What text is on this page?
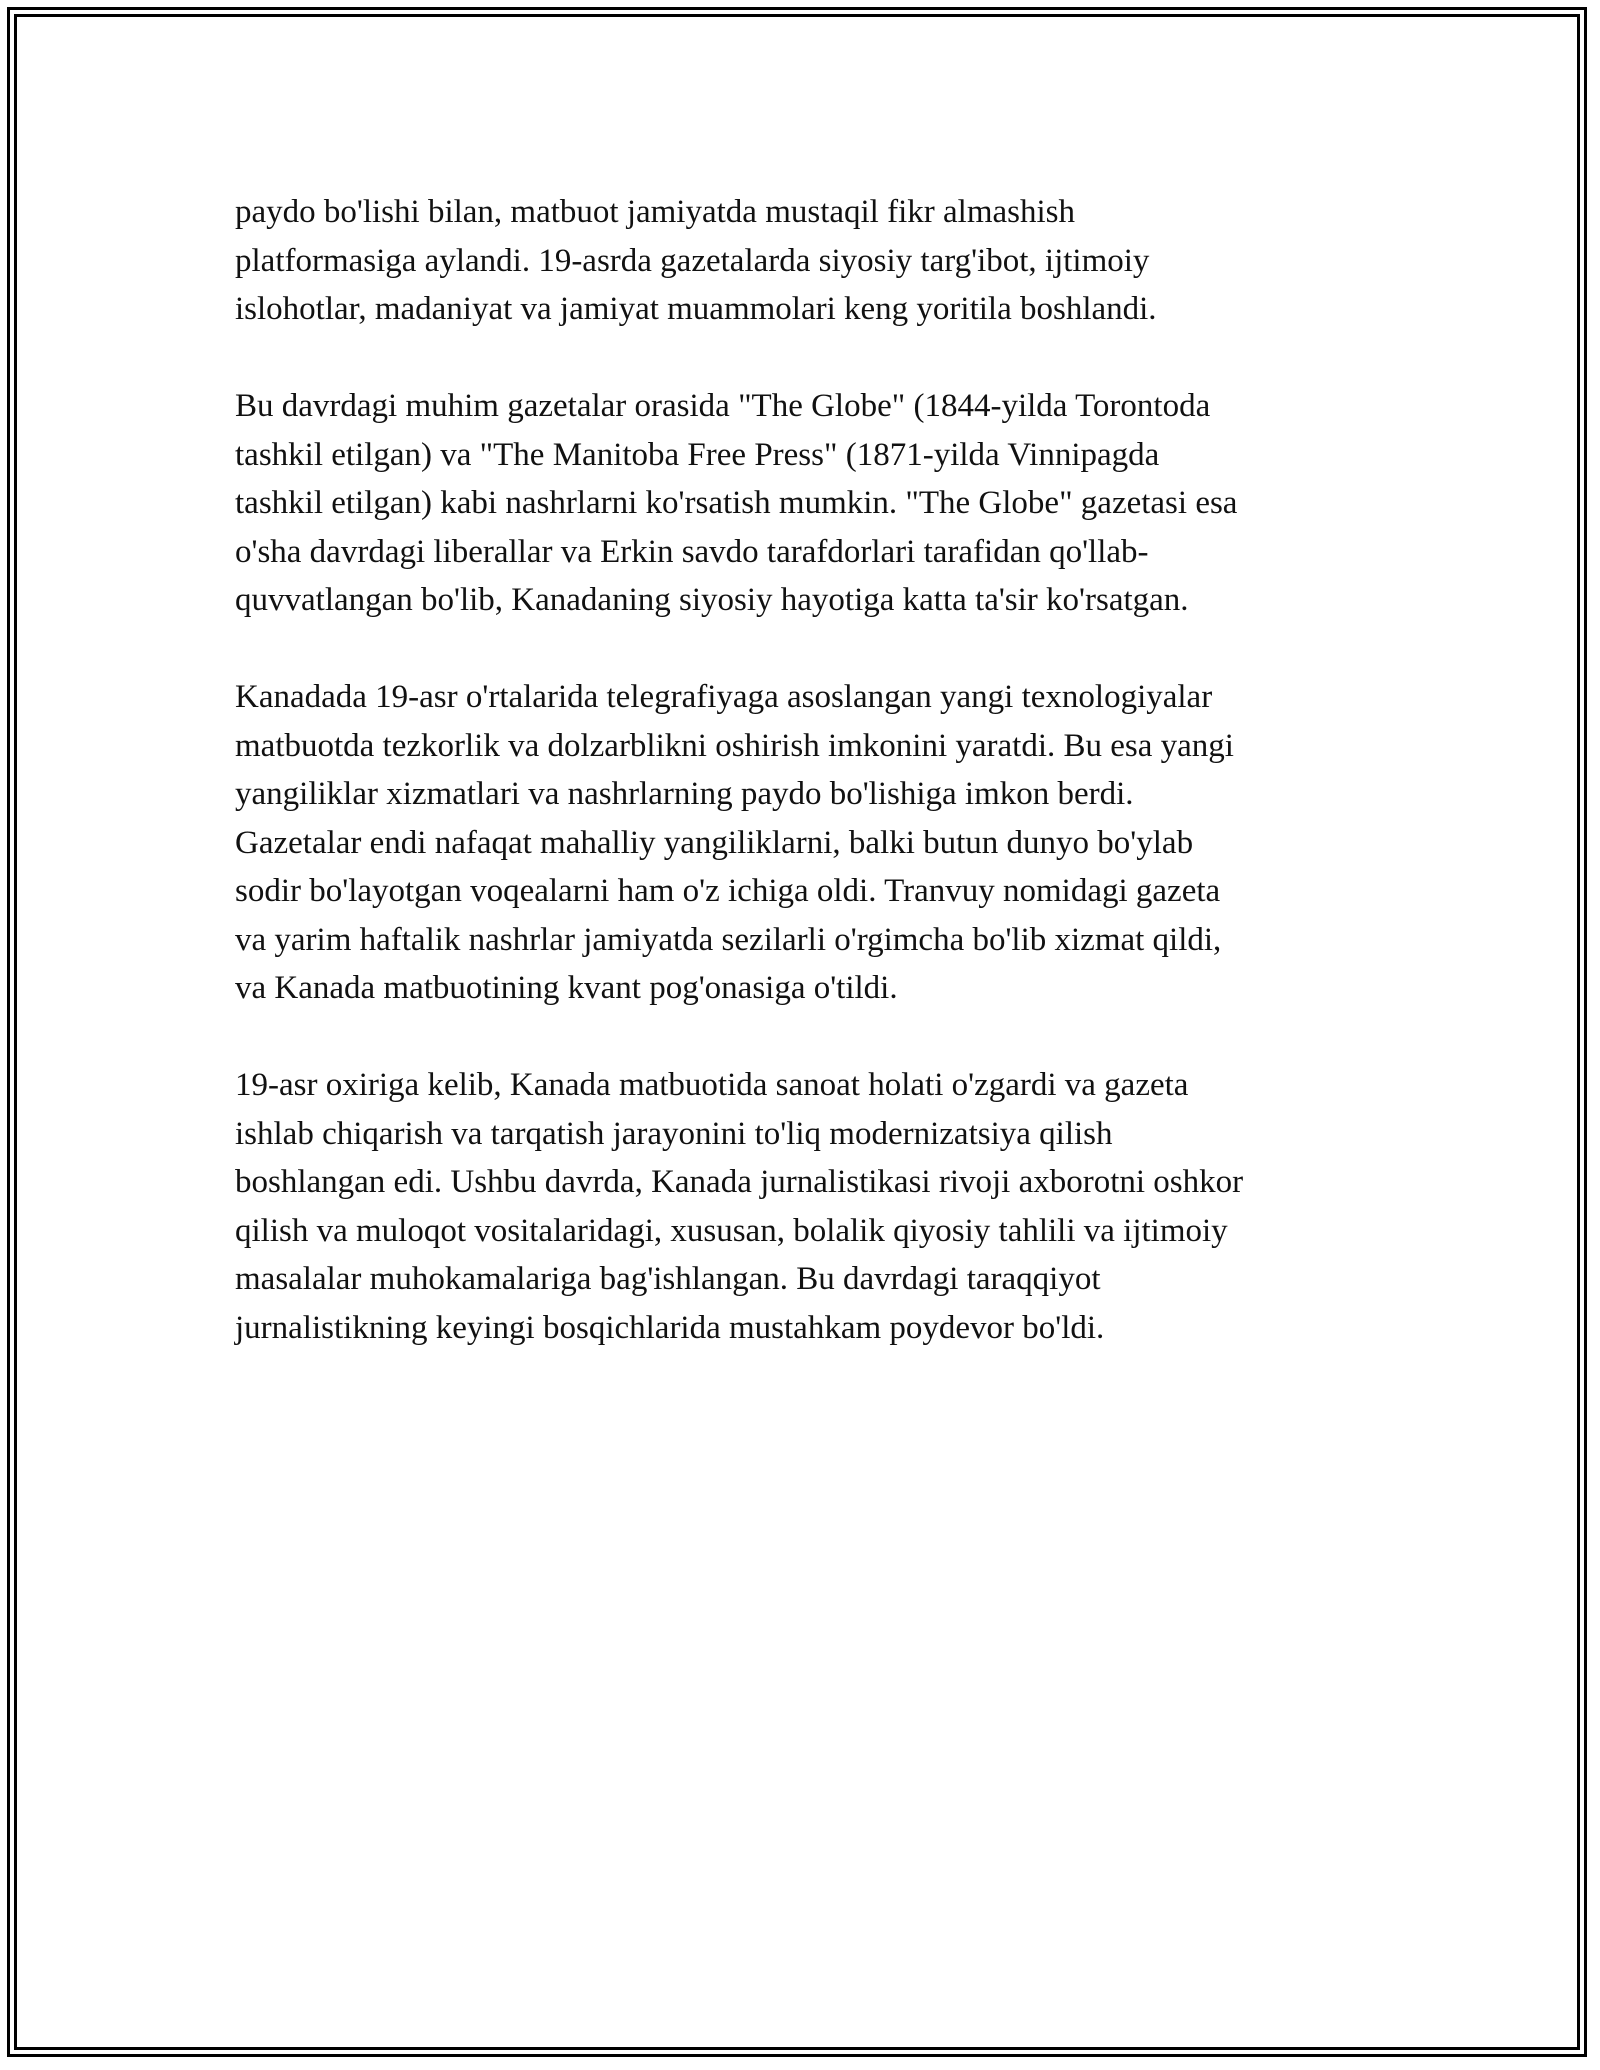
paydo bo'lishi bilan, matbuot jamiyatda mustaqil fikr almashish
platformasiga aylandi. 19-asrda gazetalarda siyosiy targ'ibot, ijtimoiy
islohotlar, madaniyat va jamiyat muammolari keng yoritila boshlandi.

Bu davrdagi muhim gazetalar orasida "The Globe" (1844-yilda Torontoda
tashkil etilgan) va "The Manitoba Free Press" (1871-yilda Vinnipagda
tashkil etilgan) kabi nashrlarni ko'rsatish mumkin. "The Globe" gazetasi esa
o'sha davrdagi liberallar va Erkin savdo tarafdorlari tarafidan qo'llab-
quvvatlangan bo'lib, Kanadaning siyosiy hayotiga katta ta'sir ko'rsatgan.

Kanadada 19-asr o'rtalarida telegrafiyaga asoslangan yangi texnologiyalar
matbuotda tezkorlik va dolzarblikni oshirish imkonini yaratdi. Bu esa yangi
yangiliklar xizmatlari va nashrlarning paydo bo'lishiga imkon berdi.
Gazetalar endi nafaqat mahalliy yangiliklarni, balki butun dunyo bo'ylab
sodir bo'layotgan voqealarni ham o'z ichiga oldi. Tranvuy nomidagi gazeta
va yarim haftalik nashrlar jamiyatda sezilarli o'rgimcha bo'lib xizmat qildi,
va Kanada matbuotining kvant pog'onasiga o'tildi.

19-asr oxiriga kelib, Kanada matbuotida sanoat holati o'zgardi va gazeta
ishlab chiqarish va tarqatish jarayonini to'liq modernizatsiya qilish
boshlangan edi. Ushbu davrda, Kanada jurnalistikasi rivoji axborotni oshkor
qilish va muloqot vositalaridagi, xususan, bolalik qiyosiy tahlili va ijtimoiy
masalalar muhokamalariga bag'ishlangan. Bu davrdagi taraqqiyot
jurnalistikning keyingi bosqichlarida mustahkam poydevor bo'ldi.
